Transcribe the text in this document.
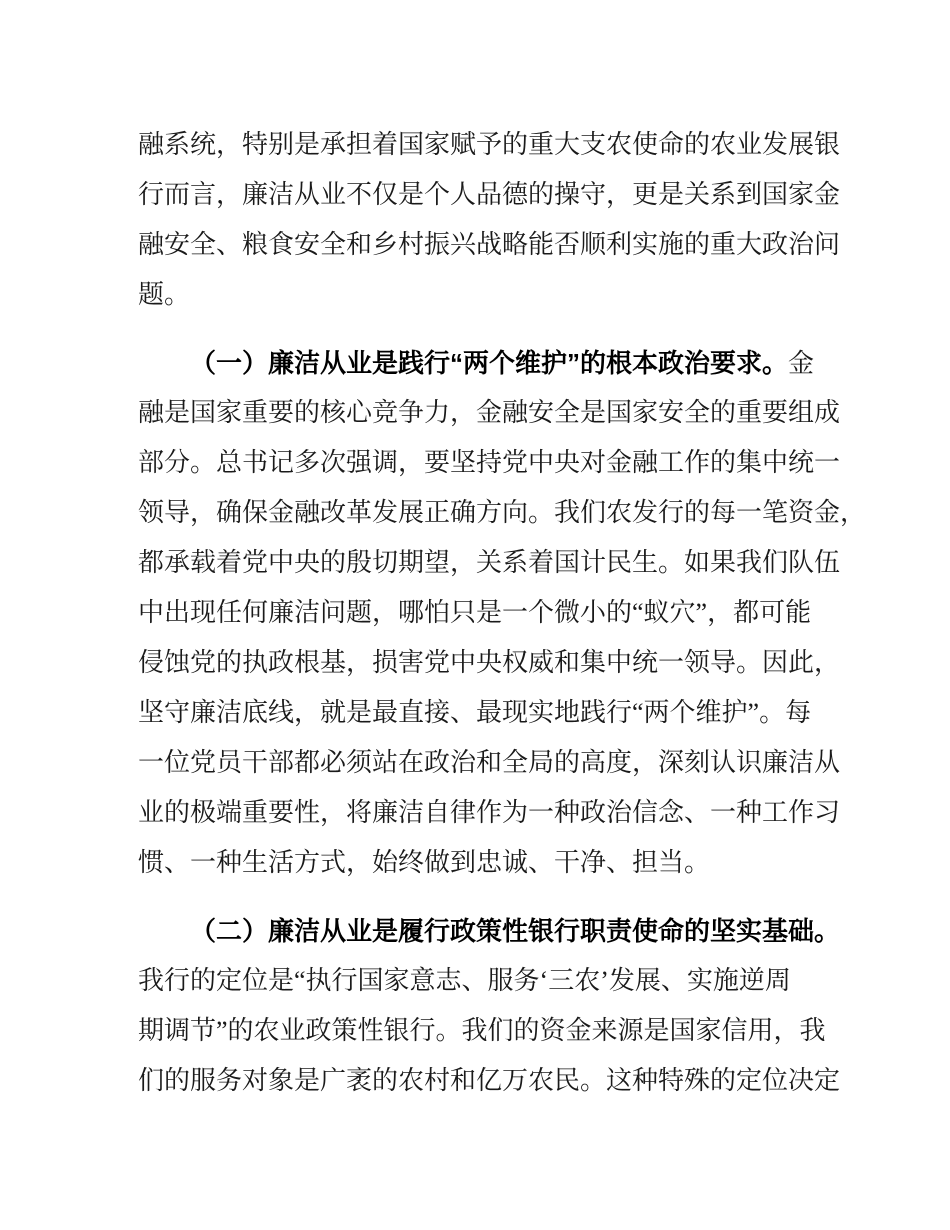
融系统，特别是承担着国家赋予的重大支农使命的农业发展银
行而言，廉洁从业不仅是个人品德的操守，更是关系到国家金
融安全、粮食安全和乡村振兴战略能否顺利实施的重大政治问
题。
（一）廉洁从业是践行“两个维护”的根本政治要求。金
融是国家重要的核心竞争力，金融安全是国家安全的重要组成
部分。总书记多次强调，要坚持党中央对金融工作的集中统一
领导，确保金融改革发展正确方向。我们农发行的每一笔资金，
都承载着党中央的殷切期望，关系着国计民生。如果我们队伍
中出现任何廉洁问题，哪怕只是一个微小的“蚁穴”，都可能
侵蚀党的执政根基，损害党中央权威和集中统一领导。因此，
坚守廉洁底线，就是最直接、最现实地践行“两个维护”。每
一位党员干部都必须站在政治和全局的高度，深刻认识廉洁从
业的极端重要性，将廉洁自律作为一种政治信念、一种工作习
惯、一种生活方式，始终做到忠诚、干净、担当。
（二）廉洁从业是履行政策性银行职责使命的坚实基础。
我行的定位是“执行国家意志、服务‘三农’发展、实施逆周
期调节”的农业政策性银行。我们的资金来源是国家信用，我
们的服务对象是广袤的农村和亿万农民。这种特殊的定位决定
